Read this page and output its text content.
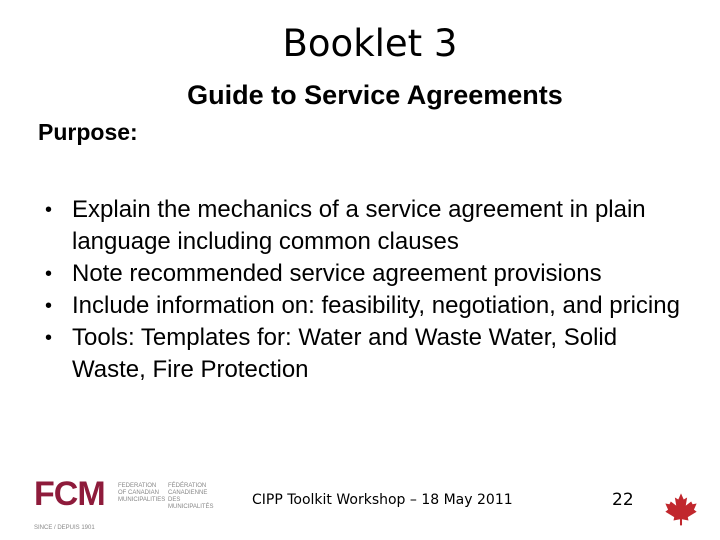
Booklet 3
Guide to Service Agreements
Purpose:
• Explain the mechanics of a service agreement in plain language including common clauses
• Note recommended service agreement provisions
• Include information on: feasibility, negotiation, and pricing
• Tools: Templates for: Water and Waste Water, Solid Waste, Fire Protection
FCM FEDERATION OF CANADIAN MUNICIPALITIES
FÉDÉRATION CANADIENNE DES MUNICIPALITÉS
SINCE / DEPUIS 1901
CIPP Toolkit Workshop – 18 May 2011	22
